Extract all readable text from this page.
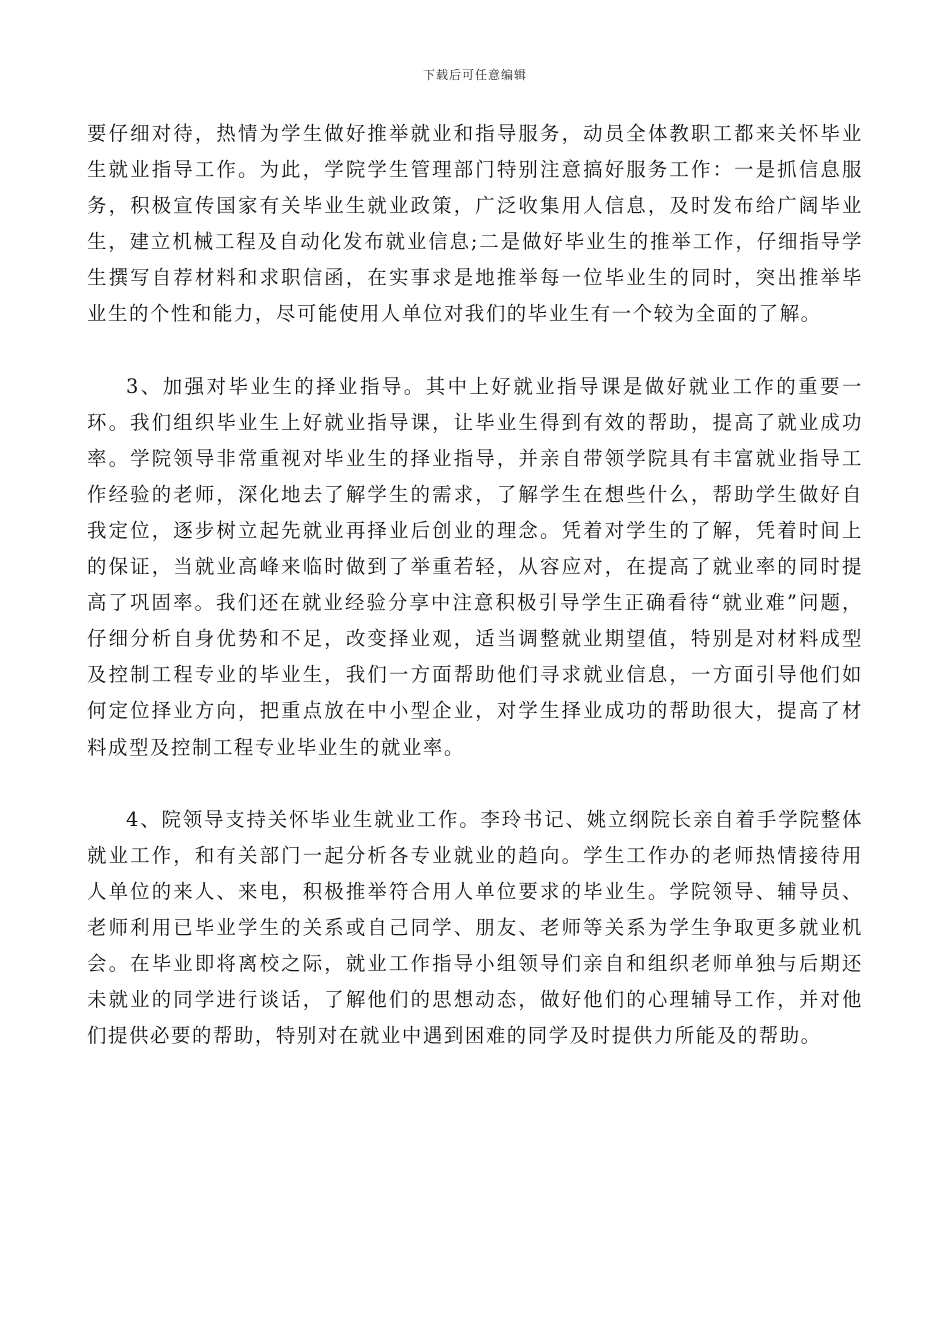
下载后可任意编辑

要仔细对待，热情为学生做好推举就业和指导服务，动员全体教职工都来关怀毕业生就业指导工作。为此，学院学生管理部门特别注意搞好服务工作：一是抓信息服务，积极宣传国家有关毕业生就业政策，广泛收集用人信息，及时发布给广阔毕业生，建立机械工程及自动化发布就业信息;二是做好毕业生的推举工作，仔细指导学生撰写自荐材料和求职信函，在实事求是地推举每一位毕业生的同时，突出推举毕业生的个性和能力，尽可能使用人单位对我们的毕业生有一个较为全面的了解。

3、加强对毕业生的择业指导。其中上好就业指导课是做好就业工作的重要一环。我们组织毕业生上好就业指导课，让毕业生得到有效的帮助，提高了就业成功率。学院领导非常重视对毕业生的择业指导，并亲自带领学院具有丰富就业指导工作经验的老师，深化地去了解学生的需求，了解学生在想些什么，帮助学生做好自我定位，逐步树立起先就业再择业后创业的理念。凭着对学生的了解，凭着时间上的保证，当就业高峰来临时做到了举重若轻，从容应对，在提高了就业率的同时提高了巩固率。我们还在就业经验分享中注意积极引导学生正确看待“就业难”问题，仔细分析自身优势和不足，改变择业观，适当调整就业期望值，特别是对材料成型及控制工程专业的毕业生，我们一方面帮助他们寻求就业信息，一方面引导他们如何定位择业方向，把重点放在中小型企业，对学生择业成功的帮助很大，提高了材料成型及控制工程专业毕业生的就业率。

4、院领导支持关怀毕业生就业工作。李玲书记、姚立纲院长亲自着手学院整体就业工作，和有关部门一起分析各专业就业的趋向。学生工作办的老师热情接待用人单位的来人、来电，积极推举符合用人单位要求的毕业生。学院领导、辅导员、老师利用已毕业学生的关系或自己同学、朋友、老师等关系为学生争取更多就业机会。在毕业即将离校之际，就业工作指导小组领导们亲自和组织老师单独与后期还未就业的同学进行谈话，了解他们的思想动态，做好他们的心理辅导工作，并对他们提供必要的帮助，特别对在就业中遇到困难的同学及时提供力所能及的帮助。
